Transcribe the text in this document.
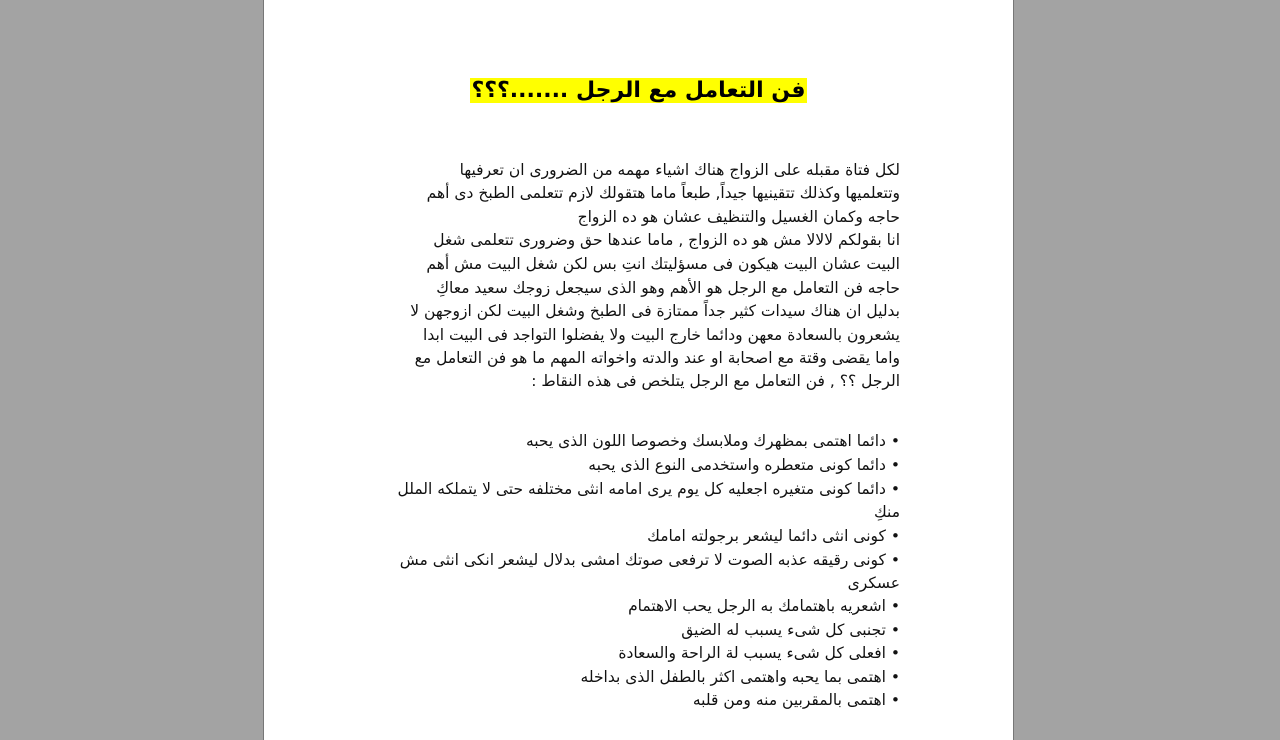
فن التعامل مع الرجل .......؟؟؟
لكل فتاة مقبله على الزواج هناك اشياء مهمه من الضرورى ان تعرفيها
وتتعلميها وكذلك تتقينيها جيداً, طبعاً ماما هتقولك لازم تتعلمى الطبخ دى أهم
حاجه وكمان الغسيل والتنظيف عشان هو ده الزواج
انا بقولكم لالالا مش هو ده الزواج , ماما عندها حق وضرورى تتعلمى شغل
البيت عشان البيت هيكون فى مسؤليتك انتِ بس لكن شغل البيت مش أهم
حاجه فن التعامل مع الرجل هو الأهم وهو الذى سيجعل زوجك سعيد معاكِ
بدليل ان هناك سيدات كثير جداً ممتازة فى الطبخ وشغل البيت لكن ازوجهن لا
يشعرون بالسعادة معهن ودائما خارج البيت ولا يفضلوا التواجد فى البيت ابدا
واما يقضى وقتة مع اصحابة او عند والدته واخواته المهم ما هو فن التعامل مع
الرجل ؟؟ , فن التعامل مع الرجل يتلخص فى هذه النقاط :
• دائما اهتمى بمظهرك وملابسك وخصوصا اللون الذى يحبه
• دائما كونى متعطره واستخدمى النوع الذى يحبه
• دائما كونى متغيره اجعليه كل يوم يرى امامه انثى مختلفه حتى لا يتملكه الملل
منكِ
• كونى انثى دائما ليشعر برجولته امامك
• كونى رقيقه عذبه الصوت لا ترفعى صوتك امشى بدلال ليشعر انكى انثى مش
عسكرى
• اشعريه باهتمامك به الرجل يحب الاهتمام
• تجنبى كل شىء يسبب له الضيق
• افعلى كل شىء يسبب لة الراحة والسعادة
• اهتمى بما يحبه واهتمى اكثر بالطفل الذى بداخله
• اهتمى بالمقربين منه ومن قلبه
